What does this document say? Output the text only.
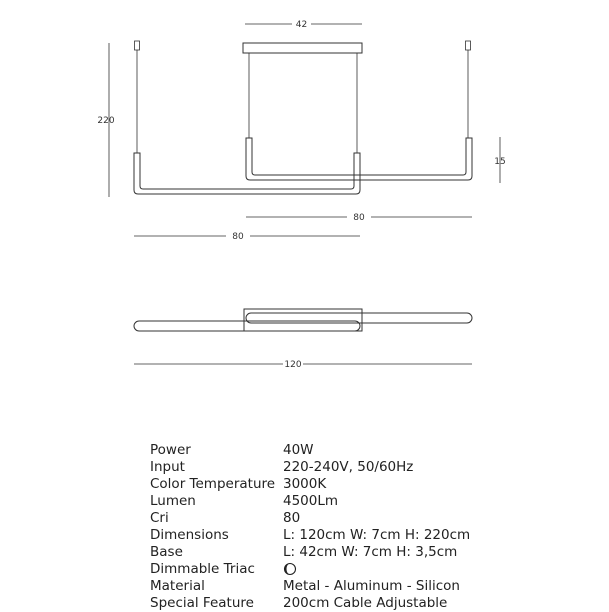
42
220
15
80
80
120
Power	40W
Input	220-240V, 50/60Hz
Color Temperature 3000K
Lumen	4500Lm
Cri	80
Dimensions	L: 120cm W: 7cm H: 220cm
Base	L: 42cm W: 7cm H: 3,5cm
Dimmable Triac
Material	Metal - Aluminum - Silicon
Special Feature	200cm Cable Adjustable
